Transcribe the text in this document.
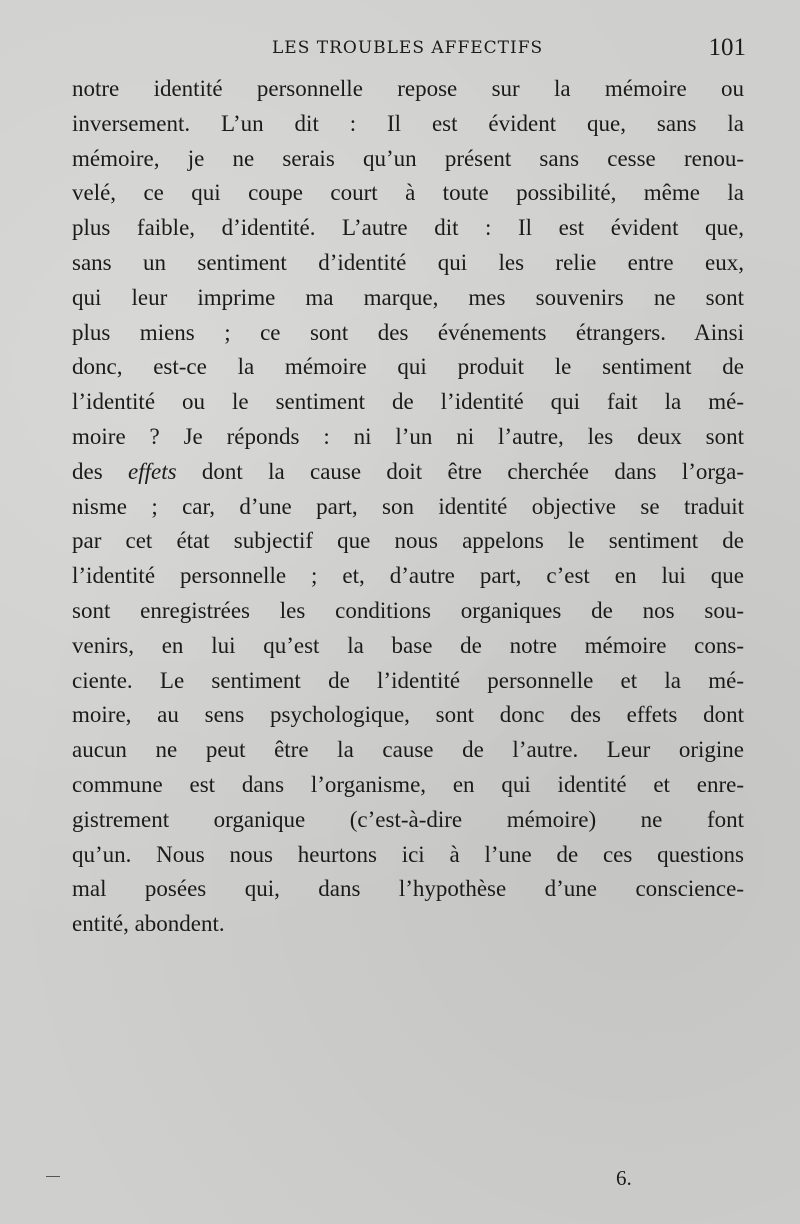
LES TROUBLES AFFECTIFS	101
notre identité personnelle repose sur la mémoire ou
inversement. L’un dit : Il est évident que, sans la
mémoire, je ne serais qu’un présent sans cesse renou-
velé, ce qui coupe court à toute possibilité, même la
plus faible, d’identité. L’autre dit : Il est évident que,
sans un sentiment d’identité qui les relie entre eux,
qui leur imprime ma marque, mes souvenirs ne sont
plus miens ; ce sont des événements étrangers. Ainsi
donc, est-ce la mémoire qui produit le sentiment de
l’identité ou le sentiment de l’identité qui fait la mé-
moire ? Je réponds : ni l’un ni l’autre, les deux sont
des effets dont la cause doit être cherchée dans l’orga-
nisme ; car, d’une part, son identité objective se traduit
par cet état subjectif que nous appelons le sentiment de
l’identité personnelle ; et, d’autre part, c’est en lui que
sont enregistrées les conditions organiques de nos sou-
venirs, en lui qu’est la base de notre mémoire cons-
ciente. Le sentiment de l’identité personnelle et la mé-
moire, au sens psychologique, sont donc des effets dont
aucun ne peut être la cause de l’autre. Leur origine
commune est dans l’organisme, en qui identité et enre-
gistrement organique (c’est-à-dire mémoire) ne font
qu’un. Nous nous heurtons ici à l’une de ces questions
mal posées qui, dans l’hypothèse d’une conscience-
entité, abondent.
6.
